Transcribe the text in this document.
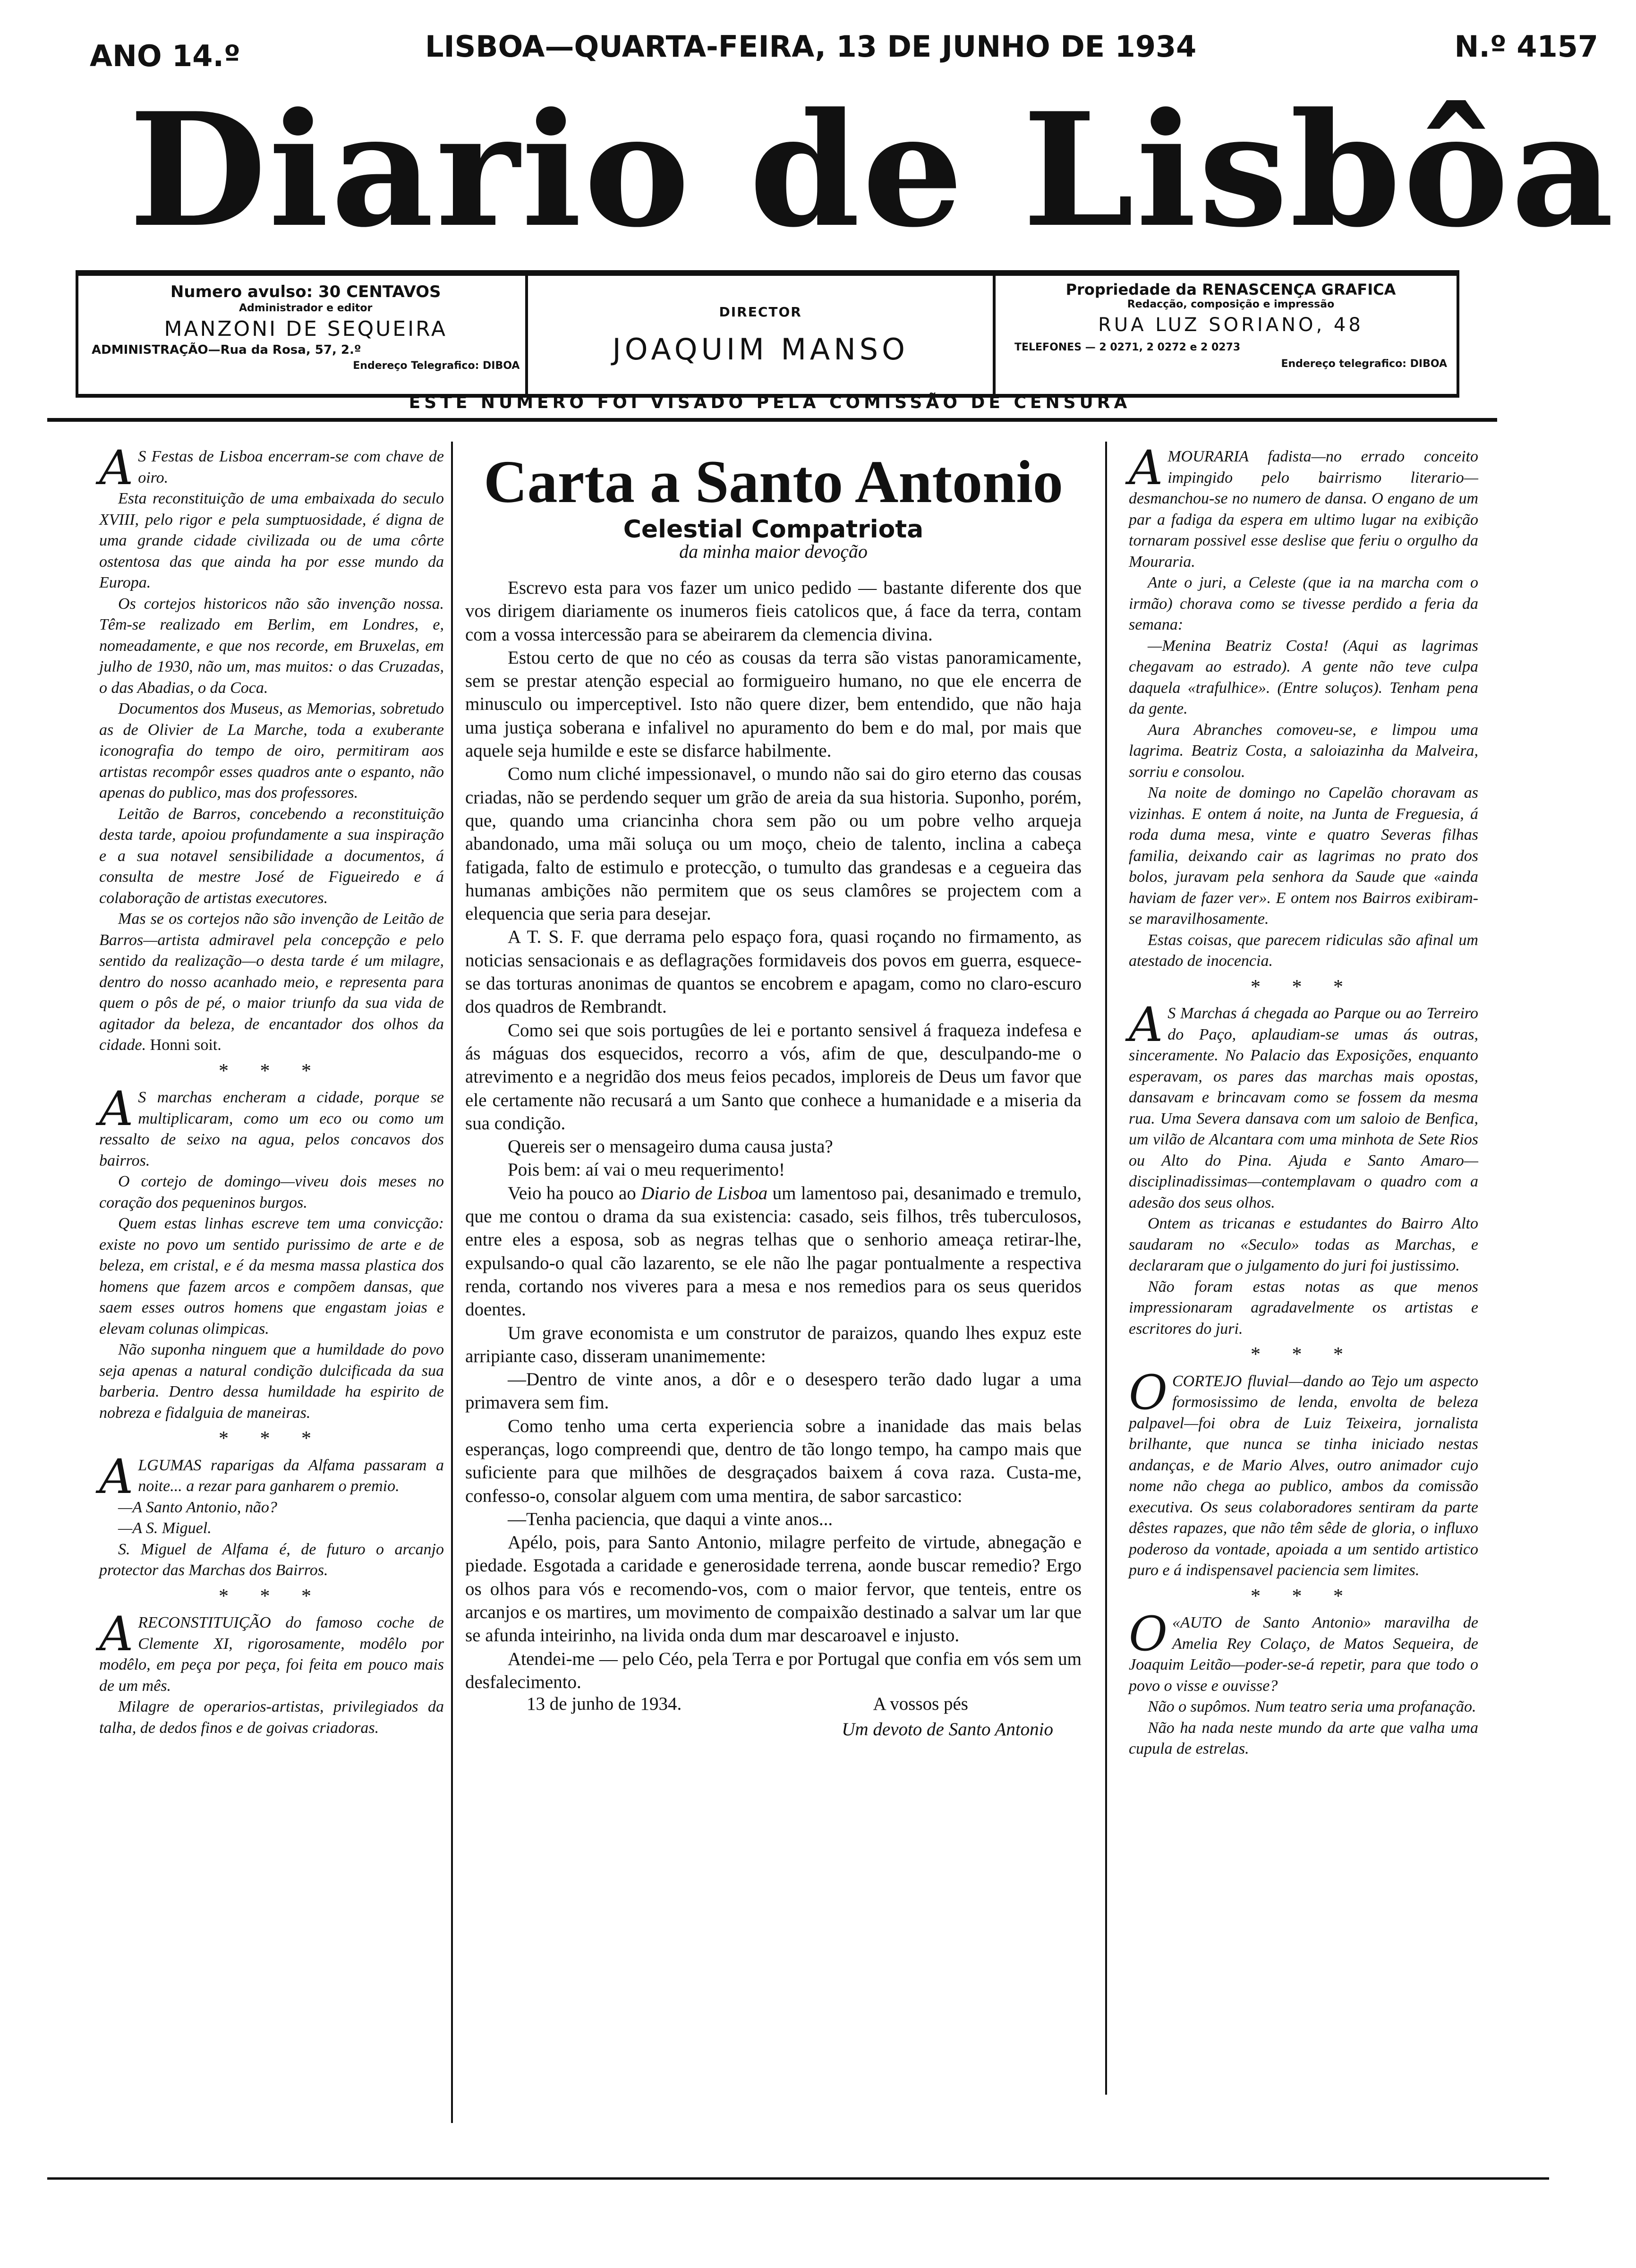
ANO 14.º	LISBOA—QUARTA-FEIRA, 13 DE JUNHO DE 1934	N.º 4157
Diario de Lisbôa
Numero avulso: 30 CENTAVOS
Administrador e editor
MANZONI DE SEQUEIRA
ADMINISTRAÇÃO—Rua da Rosa, 57, 2.º
Endereço Telegrafico: DIBOA
DIRECTOR
JOAQUIM MANSO
Propriedade da RENASCENÇA GRAFICA
Redacção, composição e impressão
RUA LUZ SORIANO, 48
TELEFONES — 2 0271, 2 0272 e 2 0273
Endereço telegrafico: DIBOA
ESTE NUMERO FOI VISADO PELA COMISSÃO DE CENSURA

A S Festas de Lisboa encerram-se com chave de oiro.

Esta reconstituição de uma embaixada do seculo XVIII, pelo rigor e pela sumptuosidade, é digna de uma grande cidade civilizada ou de uma côrte ostentosa das que ainda ha por esse mundo da Europa.

Os cortejos historicos não são invenção nossa. Têm-se realizado em Berlim, em Londres, e, nomeadamente, e que nos recorde, em Bruxelas, em julho de 1930, não um, mas muitos: o das Cruzadas, o das Abadias, o da Coca.

Documentos dos Museus, as Memorias, sobretudo as de Olivier de La Marche, toda a exuberante iconografia do tempo de oiro, permitiram aos artistas recompôr esses quadros ante o espanto, não apenas do publico, mas dos professores.

Leitão de Barros, concebendo a reconstituição desta tarde, apoiou profundamente a sua inspiração e a sua notavel sensibilidade a documentos, á consulta de mestre José de Figueiredo e á colaboração de artistas executores.

Mas se os cortejos não são invenção de Leitão de Barros—artista admiravel pela concepção e pelo sentido da realização—o desta tarde é um milagre, dentro do nosso acanhado meio, e representa para quem o pôs de pé, o maior triunfo da sua vida de agitador da beleza, de encantador dos olhos da cidade. Honni soit.

* * *

A S marchas encheram a cidade, porque se multiplicaram, como um eco ou como um ressalto de seixo na agua, pelos concavos dos bairros.

O cortejo de domingo—viveu dois meses no coração dos pequeninos burgos.

Quem estas linhas escreve tem uma convicção: existe no povo um sentido purissimo de arte e de beleza, em cristal, e é da mesma massa plastica dos homens que fazem arcos e compõem dansas, que saem esses outros homens que engastam joias e elevam colunas olimpicas.

Não suponha ninguem que a humildade do povo seja apenas a natural condição dulcificada da sua barberia. Dentro dessa humildade ha espirito de nobreza e fidalguia de maneiras.

* * *

ALGUMAS raparigas da Alfama passaram a noite... a rezar para ganharem o premio.

—A Santo Antonio, não?

—A S. Miguel.

S. Miguel de Alfama é, de futuro o arcanjo protector das Marchas dos Bairros.

* * *

ARECONSTITUIÇÃO do famoso coche de Clemente XI, rigorosamente, modêlo por modêlo, em peça por peça, foi feita em pouco mais de um mês.

Milagre de operarios-artistas, privilegiados da talha, de dedos finos e de goivas criadoras.

Carta a Santo Antonio
Celestial Compatriota
da minha maior devoção

Escrevo esta para vos fazer um unico pedido — bastante diferente dos que vos dirigem diariamente os inumeros fieis catolicos que, á face da terra, contam com a vossa intercessão para se abeirarem da clemencia divina.

Estou certo de que no céo as cousas da terra são vistas panoramicamente, sem se prestar atenção especial ao formigueiro humano, no que ele encerra de minusculo ou imperceptivel. Isto não quere dizer, bem entendido, que não haja uma justiça soberana e infalivel no apuramento do bem e do mal, por mais que aquele seja humilde e este se disfarce habilmente.

Como num cliché impessionavel, o mundo não sai do giro eterno das cousas criadas, não se perdendo sequer um grão de areia da sua historia. Suponho, porém, que, quando uma criancinha chora sem pão ou um pobre velho arqueja abandonado, uma mãi soluça ou um moço, cheio de talento, inclina a cabeça fatigada, falto de estimulo e protecção, o tumulto das grandesas e a cegueira das humanas ambições não permitem que os seus clamôres se projectem com a elequencia que seria para desejar.

A T. S. F. que derrama pelo espaço fora, quasi roçando no firmamento, as noticias sensacionais e as deflagrações formidaveis dos povos em guerra, esquece-se das torturas anonimas de quantos se encobrem e apagam, como no claro-escuro dos quadros de Rembrandt.

Como sei que sois portugûes de lei e portanto sensivel á fraqueza indefesa e ás máguas dos esquecidos, recorro a vós, afim de que, desculpando-me o atrevimento e a negridão dos meus feios pecados, imploreis de Deus um favor que ele certamente não recusará a um Santo que conhece a humanidade e a miseria da sua condição.

Quereis ser o mensageiro duma causa justa?

Pois bem: aí vai o meu requerimento!

Veio ha pouco ao Diario de Lisboa um lamentoso pai, desanimado e tremulo, que me contou o drama da sua existencia: casado, seis filhos, três tuberculosos, entre eles a esposa, sob as negras telhas que o senhorio ameaça retirar-lhe, expulsando-o qual cão lazarento, se ele não lhe pagar pontualmente a respectiva renda, cortando nos viveres para a mesa e nos remedios para os seus queridos doentes.

Um grave economista e um construtor de paraizos, quando lhes expuz este arripiante caso, disseram unanimemente:

—Dentro de vinte anos, a dôr e o desespero terão dado lugar a uma primavera sem fim.

Como tenho uma certa experiencia sobre a inanidade das mais belas esperanças, logo compreendi que, dentro de tão longo tempo, ha campo mais que suficiente para que milhões de desgraçados baixem á cova raza. Custa-me, confesso-o, consolar alguem com uma mentira, de sabor sarcastico:

—Tenha paciencia, que daqui a vinte anos...

Apélo, pois, para Santo Antonio, milagre perfeito de virtude, abnegação e piedade. Esgotada a caridade e generosidade terrena, aonde buscar remedio? Ergo os olhos para vós e recomendo-vos, com o maior fervor, que tenteis, entre os arcanjos e os martires, um movimento de compaixão destinado a salvar um lar que se afunda inteirinho, na livida onda dum mar descaroavel e injusto.

Atendei-me — pelo Céo, pela Terra e por Portugal que confia em vós sem um desfalecimento.

13 de junho de 1934.	A vossos pés
Um devoto de Santo Antonio

AMOURARIA fadista—no errado conceito impingido pelo bairrismo literario—desmanchou-se no numero de dansa. O engano de um par a fadiga da espera em ultimo lugar na exibição tornaram possivel esse deslise que feriu o orgulho da Mouraria.

Ante o juri, a Celeste (que ia na marcha com o irmão) chorava como se tivesse perdido a feria da semana:

—Menina Beatriz Costa! (Aqui as lagrimas chegavam ao estrado). A gente não teve culpa daquela «trafulhice». (Entre soluços). Tenham pena da gente.

Aura Abranches comoveu-se, e limpou uma lagrima. Beatriz Costa, a saloiazinha da Malveira, sorriu e consolou.

Na noite de domingo no Capelão choravam as vizinhas. E ontem á noite, na Junta de Freguesia, á roda duma mesa, vinte e quatro Severas filhas familia, deixando cair as lagrimas no prato dos bolos, juravam pela senhora da Saude que «ainda haviam de fazer ver». E ontem nos Bairros exibiram-se maravilhosamente.

Estas coisas, que parecem ridiculas são afinal um atestado de inocencia.

* * *

A S Marchas á chegada ao Parque ou ao Terreiro do Paço, aplaudiam-se umas ás outras, sinceramente. No Palacio das Exposições, enquanto esperavam, os pares das marchas mais opostas, dansavam e brincavam como se fossem da mesma rua. Uma Severa dansava com um saloio de Benfica, um vilão de Alcantara com uma minhota de Sete Rios ou Alto do Pina. Ajuda e Santo Amaro—disciplinadissimas—contemplavam o quadro com a adesão dos seus olhos.

Ontem as tricanas e estudantes do Bairro Alto saudaram no «Seculo» todas as Marchas, e declararam que o julgamento do juri foi justissimo.

Não foram estas notas as que menos impressionaram agradavelmente os artistas e escritores do juri.

* * *

OCORTEJO fluvial—dando ao Tejo um aspecto formosissimo de lenda, envolta de beleza palpavel—foi obra de Luiz Teixeira, jornalista brilhante, que nunca se tinha iniciado nestas andanças, e de Mario Alves, outro animador cujo nome não chega ao publico, ambos da comissão executiva. Os seus colaboradores sentiram da parte dêstes rapazes, que não têm sêde de gloria, o influxo poderoso da vontade, apoiada a um sentido artistico puro e á indispensavel paciencia sem limites.

* * *

O «AUTO de Santo Antonio» maravilha de Amelia Rey Colaço, de Matos Sequeira, de Joaquim Leitão—poder-se-á repetir, para que todo o povo o visse e ouvisse?

Não o supômos. Num teatro seria uma profanação.

Não ha nada neste mundo da arte que valha uma cupula de estrelas.
